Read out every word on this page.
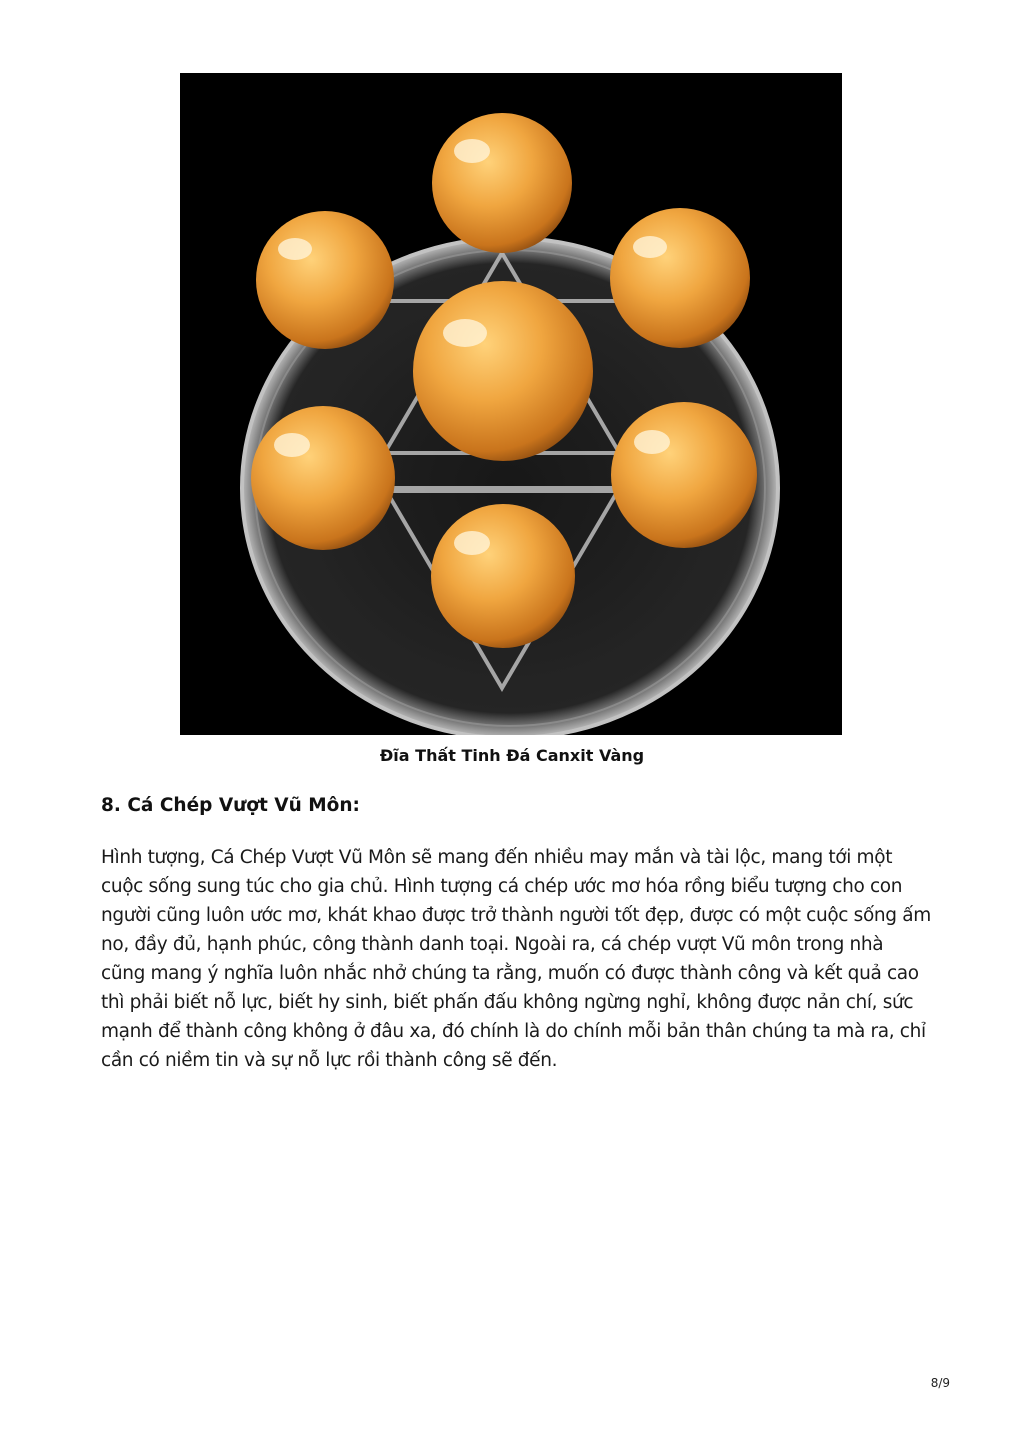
Đĩa Thất Tinh Đá Canxit Vàng
8. Cá Chép Vượt Vũ Môn:

Hình tượng, Cá Chép Vượt Vũ Môn sẽ mang đến nhiều may mắn và tài lộc, mang tới một cuộc sống sung túc cho gia chủ. Hình tượng cá chép ước mơ hóa rồng biểu tượng cho con người cũng luôn ước mơ, khát khao được trở thành người tốt đẹp, được có một cuộc sống ấm no, đầy đủ, hạnh phúc, công thành danh toại. Ngoài ra, cá chép vượt Vũ môn trong nhà cũng mang ý nghĩa luôn nhắc nhở chúng ta rằng, muốn có được thành công và kết quả cao thì phải biết nỗ lực, biết hy sinh, biết phấn đấu không ngừng nghỉ, không được nản chí, sức mạnh để thành công không ở đâu xa, đó chính là do chính mỗi bản thân chúng ta mà ra, chỉ cần có niềm tin và sự nỗ lực rồi thành công sẽ đến.

8/9
